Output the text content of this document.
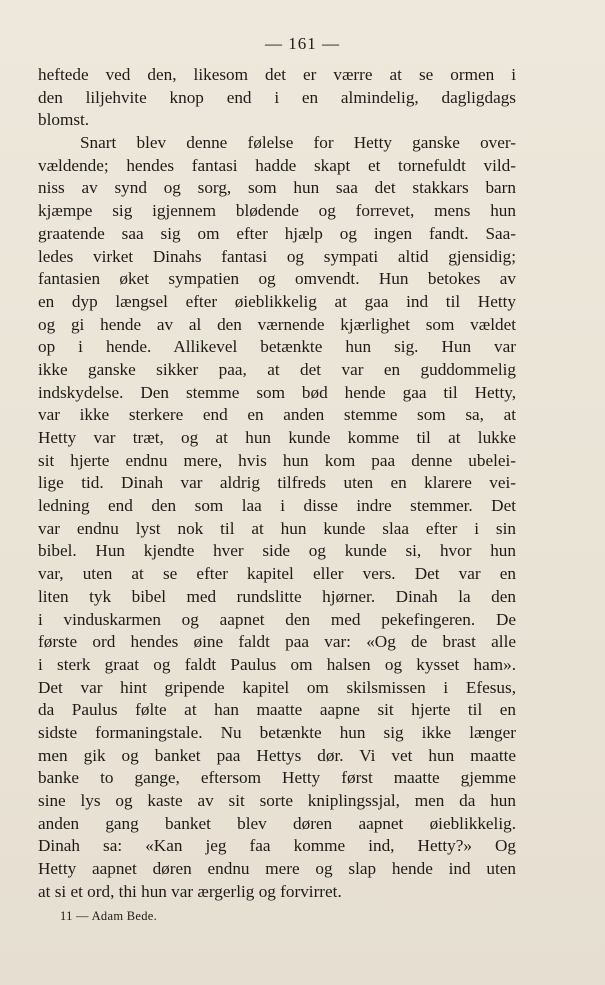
— 161 —
heftede ved den, likesom det er værre at se ormen i
den liljehvite knop end i en almindelig, dagligdags
blomst.
Snart blev denne følelse for Hetty ganske over-
vældende; hendes fantasi hadde skapt et tornefuldt vild-
niss av synd og sorg, som hun saa det stakkars barn
kjæmpe sig igjennem blødende og forrevet, mens hun
graatende saa sig om efter hjælp og ingen fandt. Saa-
ledes virket Dinahs fantasi og sympati altid gjensidig;
fantasien øket sympatien og omvendt. Hun betokes av
en dyp længsel efter øieblikkelig at gaa ind til Hetty
og gi hende av al den værnende kjærlighet som vældet
op i hende. Allikevel betænkte hun sig. Hun var
ikke ganske sikker paa, at det var en guddommelig
indskydelse. Den stemme som bød hende gaa til Hetty,
var ikke sterkere end en anden stemme som sa, at
Hetty var træt, og at hun kunde komme til at lukke
sit hjerte endnu mere, hvis hun kom paa denne ubelei-
lige tid. Dinah var aldrig tilfreds uten en klarere vei-
ledning end den som laa i disse indre stemmer. Det
var endnu lyst nok til at hun kunde slaa efter i sin
bibel. Hun kjendte hver side og kunde si, hvor hun
var, uten at se efter kapitel eller vers. Det var en
liten tyk bibel med rundslitte hjørner. Dinah la den
i vinduskarmen og aapnet den med pekefingeren. De
første ord hendes øine faldt paa var: «Og de brast alle
i sterk graat og faldt Paulus om halsen og kysset ham».
Det var hint gripende kapitel om skilsmissen i Efesus,
da Paulus følte at han maatte aapne sit hjerte til en
sidste formaningstale. Nu betænkte hun sig ikke længer
men gik og banket paa Hettys dør. Vi vet hun maatte
banke to gange, eftersom Hetty først maatte gjemme
sine lys og kaste av sit sorte kniplingssjal, men da hun
anden gang banket blev døren aapnet øieblikkelig.
Dinah sa: «Kan jeg faa komme ind, Hetty?» Og
Hetty aapnet døren endnu mere og slap hende ind uten
at si et ord, thi hun var ærgerlig og forvirret.
11 — Adam Bede.
